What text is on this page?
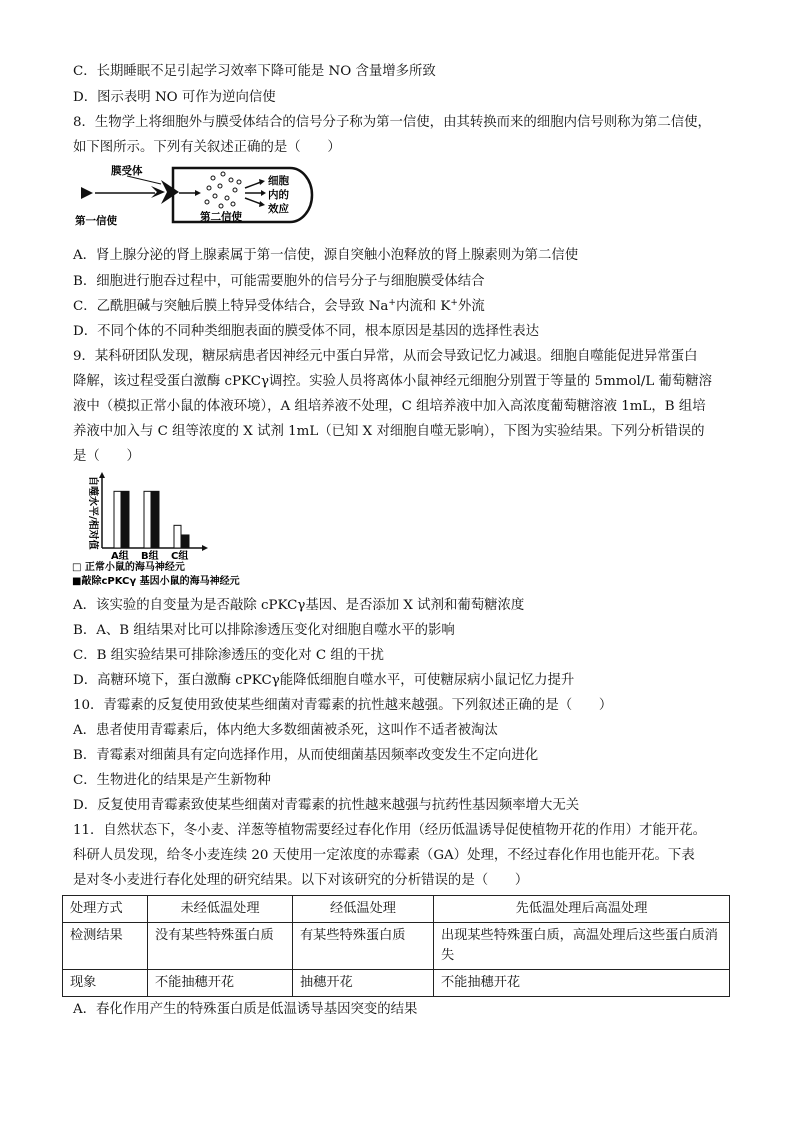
C．长期睡眠不足引起学习效率下降可能是 NO 含量增多所致
D．图示表明 NO 可作为逆向信使
8．生物学上将细胞外与膜受体结合的信号分子称为第一信使，由其转换而来的细胞内信号则称为第二信使，
如下图所示。下列有关叙述正确的是（　　）
膜受体
第一信使	第二信使
细胞
内的
效应
A．肾上腺分泌的肾上腺素属于第一信使，源自突触小泡释放的肾上腺素则为第二信使
B．细胞进行胞吞过程中，可能需要胞外的信号分子与细胞膜受体结合
C．乙酰胆碱与突触后膜上特异受体结合，会导致 Na+内流和 K+外流
D．不同个体的不同种类细胞表面的膜受体不同，根本原因是基因的选择性表达
9．某科研团队发现，糖尿病患者因神经元中蛋白异常，从而会导致记忆力减退。细胞自噬能促进异常蛋白
降解，该过程受蛋白激酶 cPKCγ调控。实验人员将离体小鼠神经元细胞分别置于等量的 5mmol/L 葡萄糖溶
液中（模拟正常小鼠的体液环境），A 组培养液不处理，C 组培养液中加入高浓度葡萄糖溶液 1mL，B 组培
养液中加入与 C 组等浓度的 X 试剂 1mL（已知 X 对细胞自噬无影响），下图为实验结果。下列分析错误的
是（　　）
自噬水平/相对值
A组 B组 C组
□ 正常小鼠的海马神经元
■敲除cPKCγ 基因小鼠的海马神经元
A．该实验的自变量为是否敲除 cPKCγ基因、是否添加 X 试剂和葡萄糖浓度
B．A、B 组结果对比可以排除渗透压变化对细胞自噬水平的影响
C．B 组实验结果可排除渗透压的变化对 C 组的干扰
D．高糖环境下，蛋白激酶 cPKCγ能降低细胞自噬水平，可使糖尿病小鼠记忆力提升
10．青霉素的反复使用致使某些细菌对青霉素的抗性越来越强。下列叙述正确的是（　　）
A．患者使用青霉素后，体内绝大多数细菌被杀死，这叫作不适者被淘汰
B．青霉素对细菌具有定向选择作用，从而使细菌基因频率改变发生不定向进化
C．生物进化的结果是产生新物种
D．反复使用青霉素致使某些细菌对青霉素的抗性越来越强与抗药性基因频率增大无关
11．自然状态下，冬小麦、洋葱等植物需要经过春化作用（经历低温诱导促使植物开花的作用）才能开花。
科研人员发现，给冬小麦连续 20 天使用一定浓度的赤霉素（GA）处理，不经过春化作用也能开花。下表
是对冬小麦进行春化处理的研究结果。以下对该研究的分析错误的是（　　）
处理方式	未经低温处理	经低温处理	先低温处理后高温处理
检测结果	没有某些特殊蛋白质	有某些特殊蛋白质	出现某些特殊蛋白质，高温处理后这些蛋白质消失
现象	不能抽穗开花	抽穗开花	不能抽穗开花
A．春化作用产生的特殊蛋白质是低温诱导基因突变的结果
